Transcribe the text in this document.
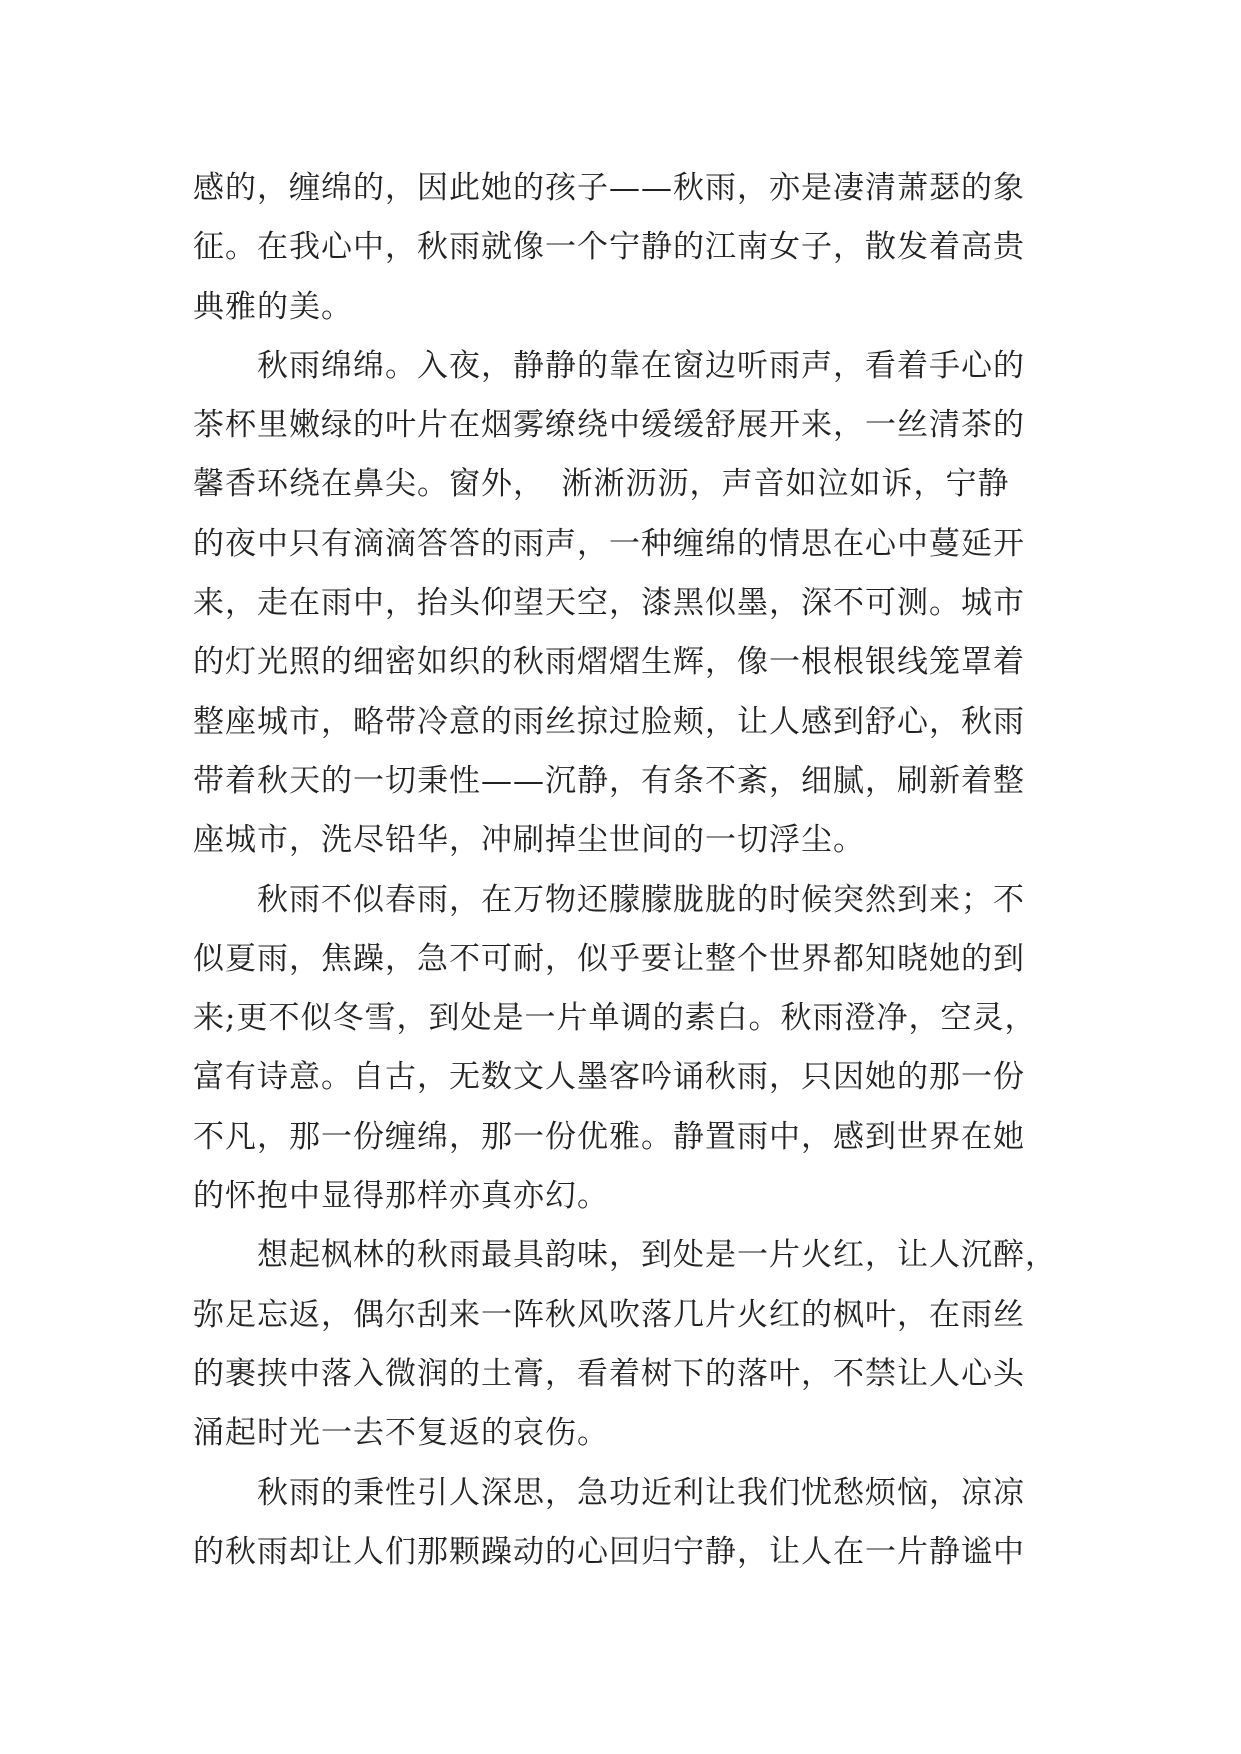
感的，缠绵的，因此她的孩子——秋雨，亦是凄清萧瑟的象
征。在我心中，秋雨就像一个宁静的江南女子，散发着高贵
典雅的美。
秋雨绵绵。入夜，静静的靠在窗边听雨声，看着手心的
茶杯里嫩绿的叶片在烟雾缭绕中缓缓舒展开来，一丝清茶的
馨香环绕在鼻尖。窗外，　淅淅沥沥，声音如泣如诉，宁静
的夜中只有滴滴答答的雨声，一种缠绵的情思在心中蔓延开
来，走在雨中，抬头仰望天空，漆黑似墨，深不可测。城市
的灯光照的细密如织的秋雨熠熠生辉，像一根根银线笼罩着
整座城市，略带冷意的雨丝掠过脸颊，让人感到舒心，秋雨
带着秋天的一切秉性——沉静，有条不紊，细腻，刷新着整
座城市，洗尽铅华，冲刷掉尘世间的一切浮尘。
秋雨不似春雨，在万物还朦朦胧胧的时候突然到来；不
似夏雨，焦躁，急不可耐，似乎要让整个世界都知晓她的到
来;更不似冬雪，到处是一片单调的素白。秋雨澄净，空灵，
富有诗意。自古，无数文人墨客吟诵秋雨，只因她的那一份
不凡，那一份缠绵，那一份优雅。静置雨中，感到世界在她
的怀抱中显得那样亦真亦幻。
想起枫林的秋雨最具韵味，到处是一片火红，让人沉醉，
弥足忘返，偶尔刮来一阵秋风吹落几片火红的枫叶，在雨丝
的裹挟中落入微润的土膏，看着树下的落叶，不禁让人心头
涌起时光一去不复返的哀伤。
秋雨的秉性引人深思，急功近利让我们忧愁烦恼，凉凉
的秋雨却让人们那颗躁动的心回归宁静，让人在一片静谧中
